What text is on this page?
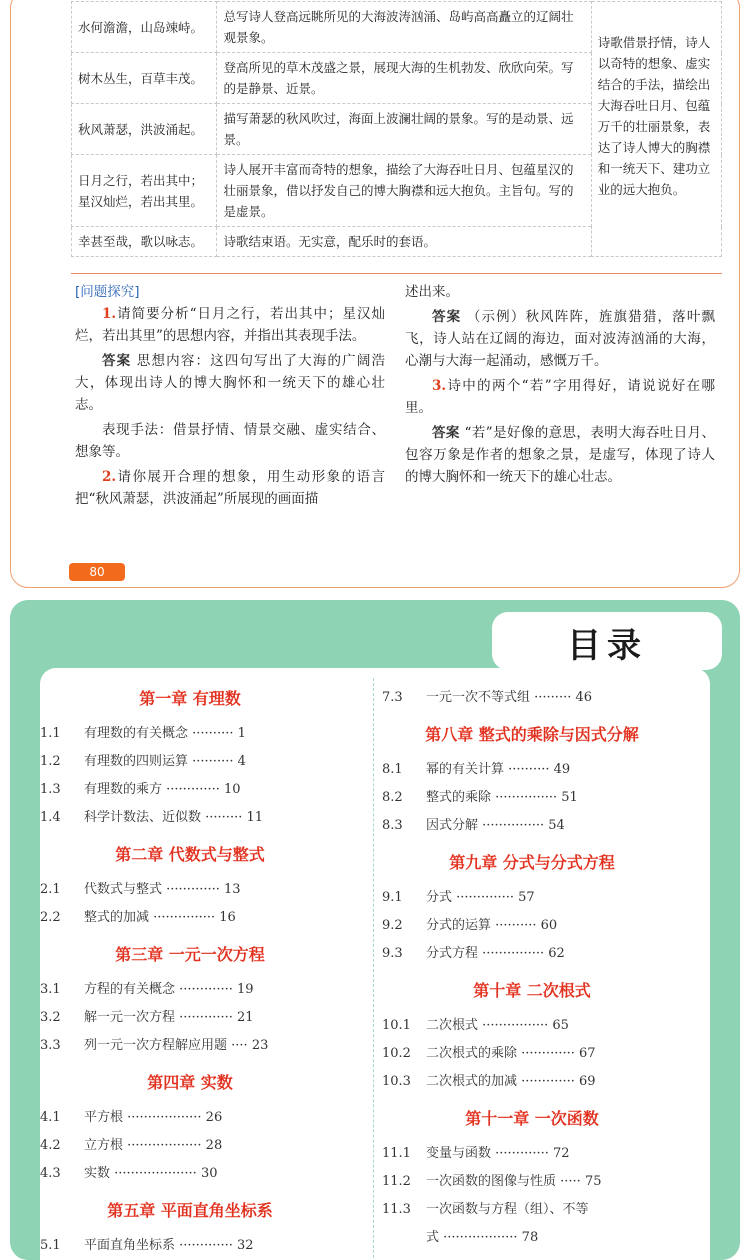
水何澹澹，山岛竦峙。	总写诗人登高远眺所见的大海波涛汹涌、岛屿高高矗立的辽阔壮观景象。	诗歌借景抒情，诗人以奇特的想象、虚实结合的手法，描绘出大海吞吐日月、包蕴万千的壮丽景象，表达了诗人博大的胸襟和一统天下、建功立业的远大抱负。
树木丛生，百草丰茂。	登高所见的草木茂盛之景，展现大海的生机勃发、欣欣向荣。写的是静景、近景。	
秋风萧瑟，洪波涌起。	描写萧瑟的秋风吹过，海面上波澜壮阔的景象。写的是动景、远景。	
日月之行，若出其中；星汉灿烂，若出其里。	诗人展开丰富而奇特的想象，描绘了大海吞吐日月、包蕴星汉的壮丽景象，借以抒发自己的博大胸襟和远大抱负。主旨句。写的是虚景。	
幸甚至哉，歌以咏志。	诗歌结束语。无实意，配乐时的套语。	
[问题探究]

1.请简要分析“日月之行，若出其中；星汉灿烂，若出其里”的思想内容，并指出其表现手法。

答案 思想内容：这四句写出了大海的广阔浩大，体现出诗人的博大胸怀和一统天下的雄心壮志。

表现手法：借景抒情、情景交融、虚实结合、想象等。

2.请你展开合理的想象，用生动形象的语言把“秋风萧瑟，洪波涌起”所展现的画面描

述出来。

答案 （示例）秋风阵阵，旌旗猎猎，落叶飘飞，诗人站在辽阔的海边，面对波涛汹涌的大海，心潮与大海一起涌动，感慨万千。

3.诗中的两个“若”字用得好，请说说好在哪里。

答案 “若”是好像的意思，表明大海吞吐日月、包容万象是作者的想象之景，是虚写，体现了诗人的博大胸怀和一统天下的雄心壮志。

80
目录
第一章 有理数
1.1 有理数的有关概念 ·········· 1
1.2 有理数的四则运算 ·········· 4
1.3 有理数的乘方 ············· 10
1.4 科学计数法、近似数 ········· 11
第二章 代数式与整式
2.1 代数式与整式 ············· 13
2.2 整式的加减 ··············· 16
第三章 一元一次方程
3.1 方程的有关概念 ············· 19
3.2 解一元一次方程 ············· 21
3.3 列一元一次方程解应用题 ···· 23
第四章 实数
4.1 平方根 ·················· 26
4.2 立方根 ·················· 28
4.3 实数 ···················· 30
第五章 平面直角坐标系
5.1 平面直角坐标系 ············· 32
7.3 一元一次不等式组 ········· 46
第八章 整式的乘除与因式分解
8.1 幂的有关计算 ·········· 49
8.2 整式的乘除 ··············· 51
8.3 因式分解 ··············· 54
第九章 分式与分式方程
9.1 分式 ·············· 57
9.2 分式的运算 ·········· 60
9.3 分式方程 ··············· 62
第十章 二次根式
10.1 二次根式 ················ 65
10.2 二次根式的乘除 ············· 67
10.3 二次根式的加减 ············· 69
第十一章 一次函数
11.1 变量与函数 ············· 72
11.2 一次函数的图像与性质 ····· 75
11.3 一次函数与方程（组）、不等
式 ·················· 78
